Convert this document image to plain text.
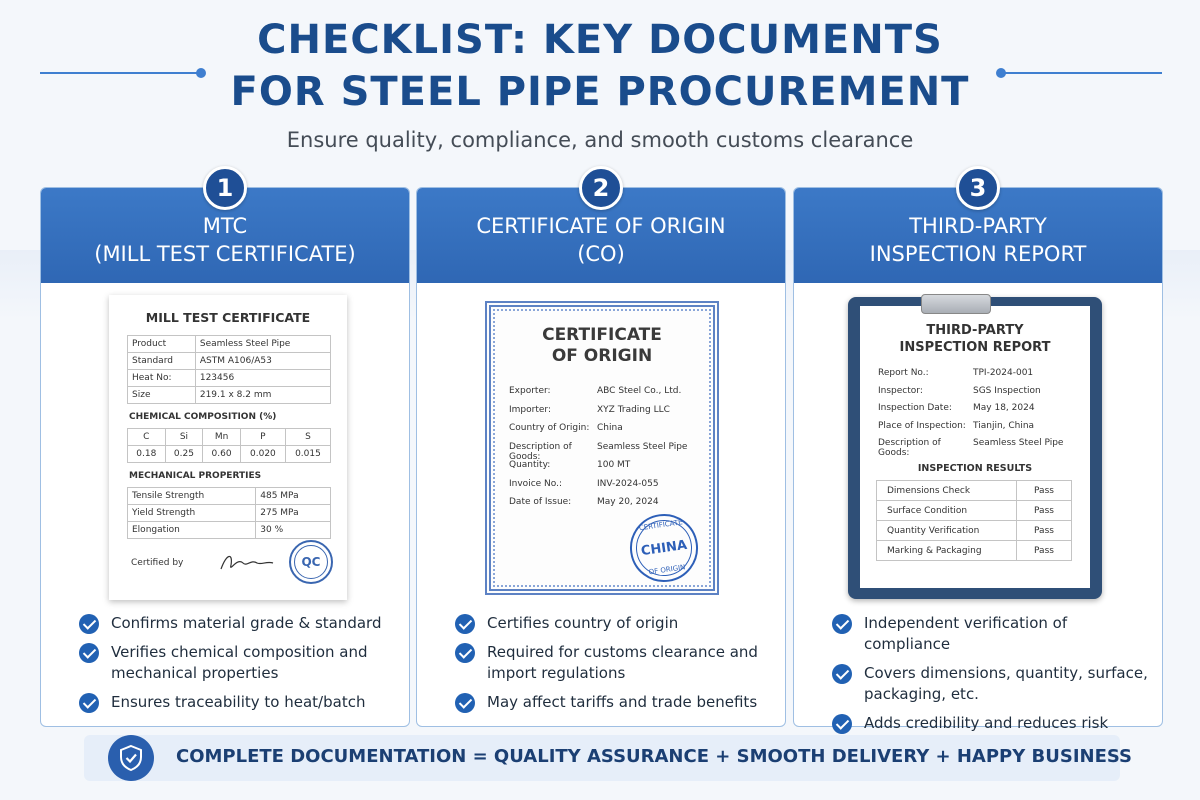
CHECKLIST: KEY DOCUMENTS
FOR STEEL PIPE PROCUREMENT
Ensure quality, compliance, and smooth customs clearance
MTC
(MILL TEST CERTIFICATE)
1
MILL TEST CERTIFICATE
Product	Seamless Steel Pipe
Standard	ASTM A106/A53
Heat No:	123456
Size	219.1 x 8.2 mm
CHEMICAL COMPOSITION (%)
C	Si	Mn	P	S
0.18	0.25	0.60	0.020	0.015
MECHANICAL PROPERTIES
Tensile Strength	485 MPa
Yield Strength	275 MPa
Elongation	30 %
Certified by	QC
Confirms material grade & standard
Verifies chemical composition and mechanical properties
Ensures traceability to heat/batch
CERTIFICATE OF ORIGIN
(CO)
2
CERTIFICATE
OF ORIGIN
Exporter:	ABC Steel Co., Ltd.
Importer:	XYZ Trading LLC
Country of Origin: China
Description of Goods:
Seamless Steel Pipe
Quantity:	100 MT
Invoice No.:	INV-2024-055
Date of Issue:	May 20, 2024
CERTIFICATE
CHINA
OF ORIGIN
Certifies country of origin
Required for customs clearance and import regulations
May affect tariffs and trade benefits
THIRD-PARTY
INSPECTION REPORT
3
THIRD-PARTY
INSPECTION REPORT
Report No.:	TPI-2024-001
Inspector:	SGS Inspection
Inspection Date:	May 18, 2024
Place of Inspection: Tianjin, China
Description of Goods:
Seamless Steel Pipe
INSPECTION RESULTS
Dimensions Check	Pass
Surface Condition	Pass
Quantity Verification	Pass
Marking & Packaging	Pass
Independent verification of compliance
Covers dimensions, quantity, surface, packaging, etc.
Adds credibility and reduces risk
COMPLETE DOCUMENTATION = QUALITY ASSURANCE + SMOOTH DELIVERY + HAPPY BUSINESS
